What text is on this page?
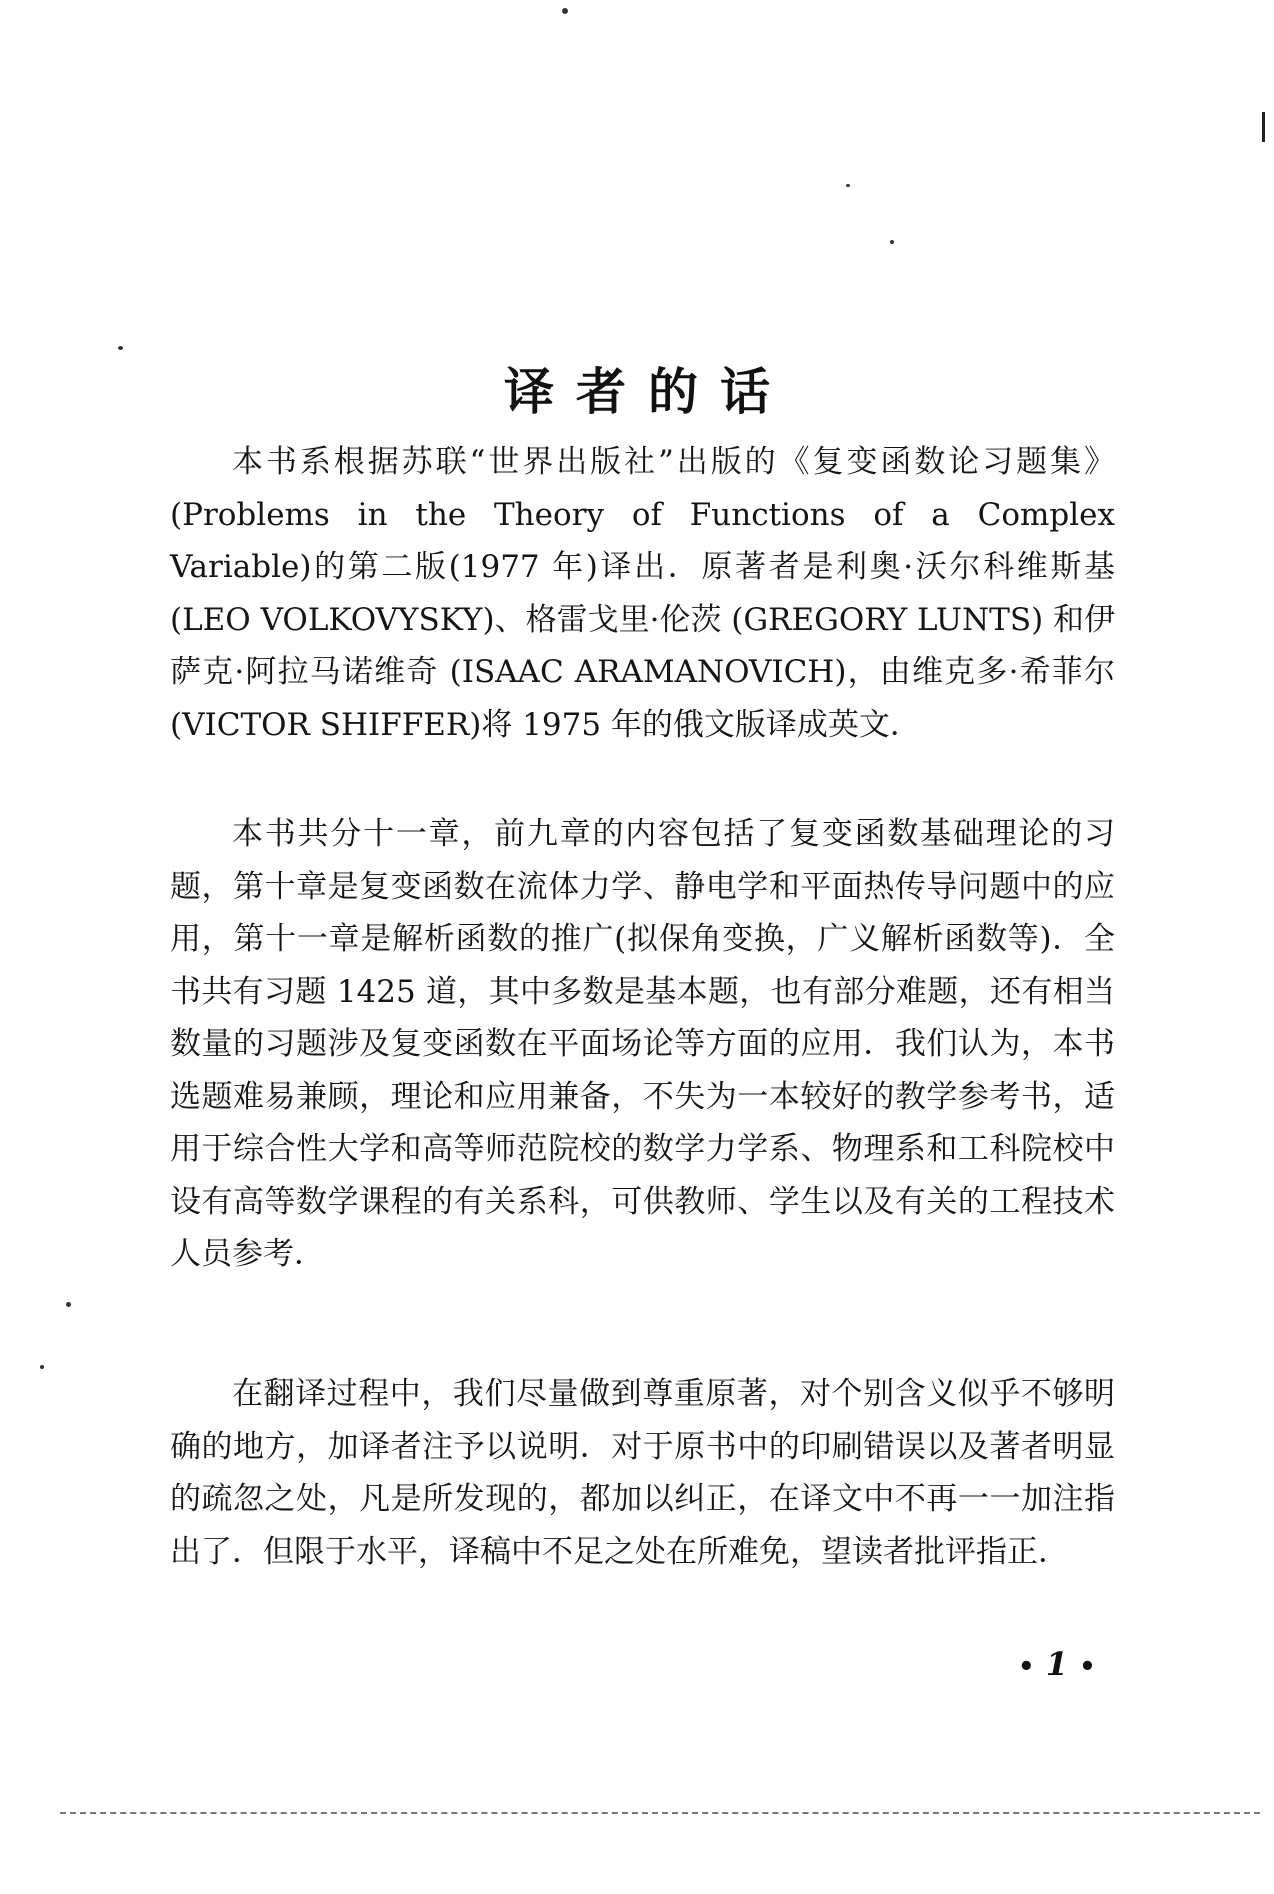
译者的话

本书系根据苏联“世界出版社”出版的《复变函数论习题集》(Problems in the Theory of Functions of a Complex Variable)的第二版(1977 年)译出．原著者是利奥·沃尔科维斯基(LEO VOLKOVYSKY)、格雷戈里·伦茨 (GREGORY LUNTS) 和伊萨克·阿拉马诺维奇 (ISAAC ARAMANOVICH)，由维克多·希菲尔 (VICTOR SHIFFER)将 1975 年的俄文版译成英文．

本书共分十一章，前九章的内容包括了复变函数基础理论的习题，第十章是复变函数在流体力学、静电学和平面热传导问题中的应用，第十一章是解析函数的推广(拟保角变换，广义解析函数等)．全书共有习题 1425 道，其中多数是基本题，也有部分难题，还有相当数量的习题涉及复变函数在平面场论等方面的应用．我们认为，本书选题难易兼顾，理论和应用兼备，不失为一本较好的教学参考书，适用于综合性大学和高等师范院校的数学力学系、物理系和工科院校中设有高等数学课程的有关系科，可供教师、学生以及有关的工程技术人员参考．

在翻译过程中，我们尽量做到尊重原著，对个别含义似乎不够明确的地方，加译者注予以说明．对于原书中的印刷错误以及著者明显的疏忽之处，凡是所发现的，都加以纠正，在译文中不再一一加注指出了．但限于水平，译稿中不足之处在所难免，望读者批评指正．

• 1 •
